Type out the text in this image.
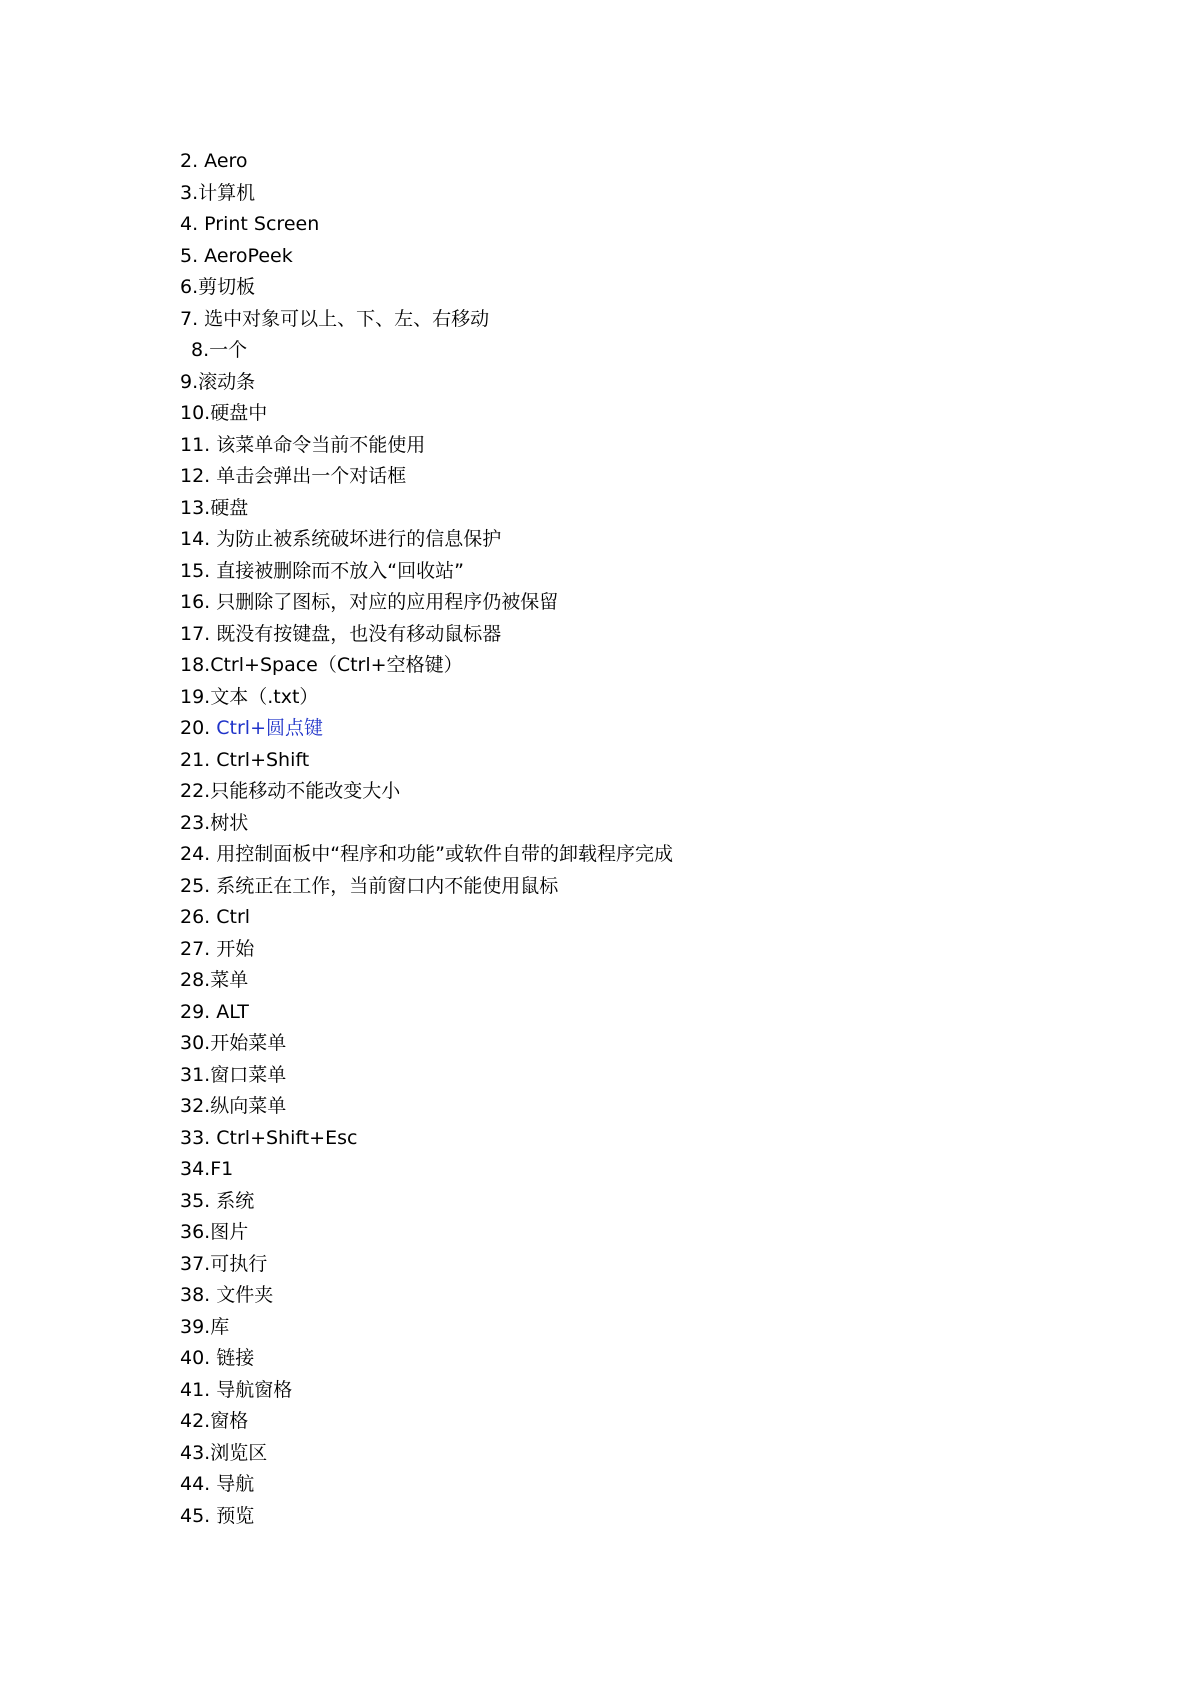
2. Aero
3.计算机
4. Print Screen
5. AeroPeek
6.剪切板
7. 选中对象可以上、下、左、右移动
8.一个
9.滚动条
10.硬盘中
11. 该菜单命令当前不能使用
12. 单击会弹出一个对话框
13.硬盘
14. 为防止被系统破坏进行的信息保护
15. 直接被删除而不放入“回收站”
16. 只删除了图标，对应的应用程序仍被保留
17. 既没有按键盘，也没有移动鼠标器
18.Ctrl+Space（Ctrl+空格键）
19.文本（.txt）
20. Ctrl+圆点键
21. Ctrl+Shift
22.只能移动不能改变大小
23.树状
24. 用控制面板中“程序和功能”或软件自带的卸载程序完成
25. 系统正在工作，当前窗口内不能使用鼠标
26. Ctrl
27. 开始
28.菜单
29. ALT
30.开始菜单
31.窗口菜单
32.纵向菜单
33. Ctrl+Shift+Esc
34.F1
35. 系统
36.图片
37.可执行
38. 文件夹
39.库
40. 链接
41. 导航窗格
42.窗格
43.浏览区
44. 导航
45. 预览
